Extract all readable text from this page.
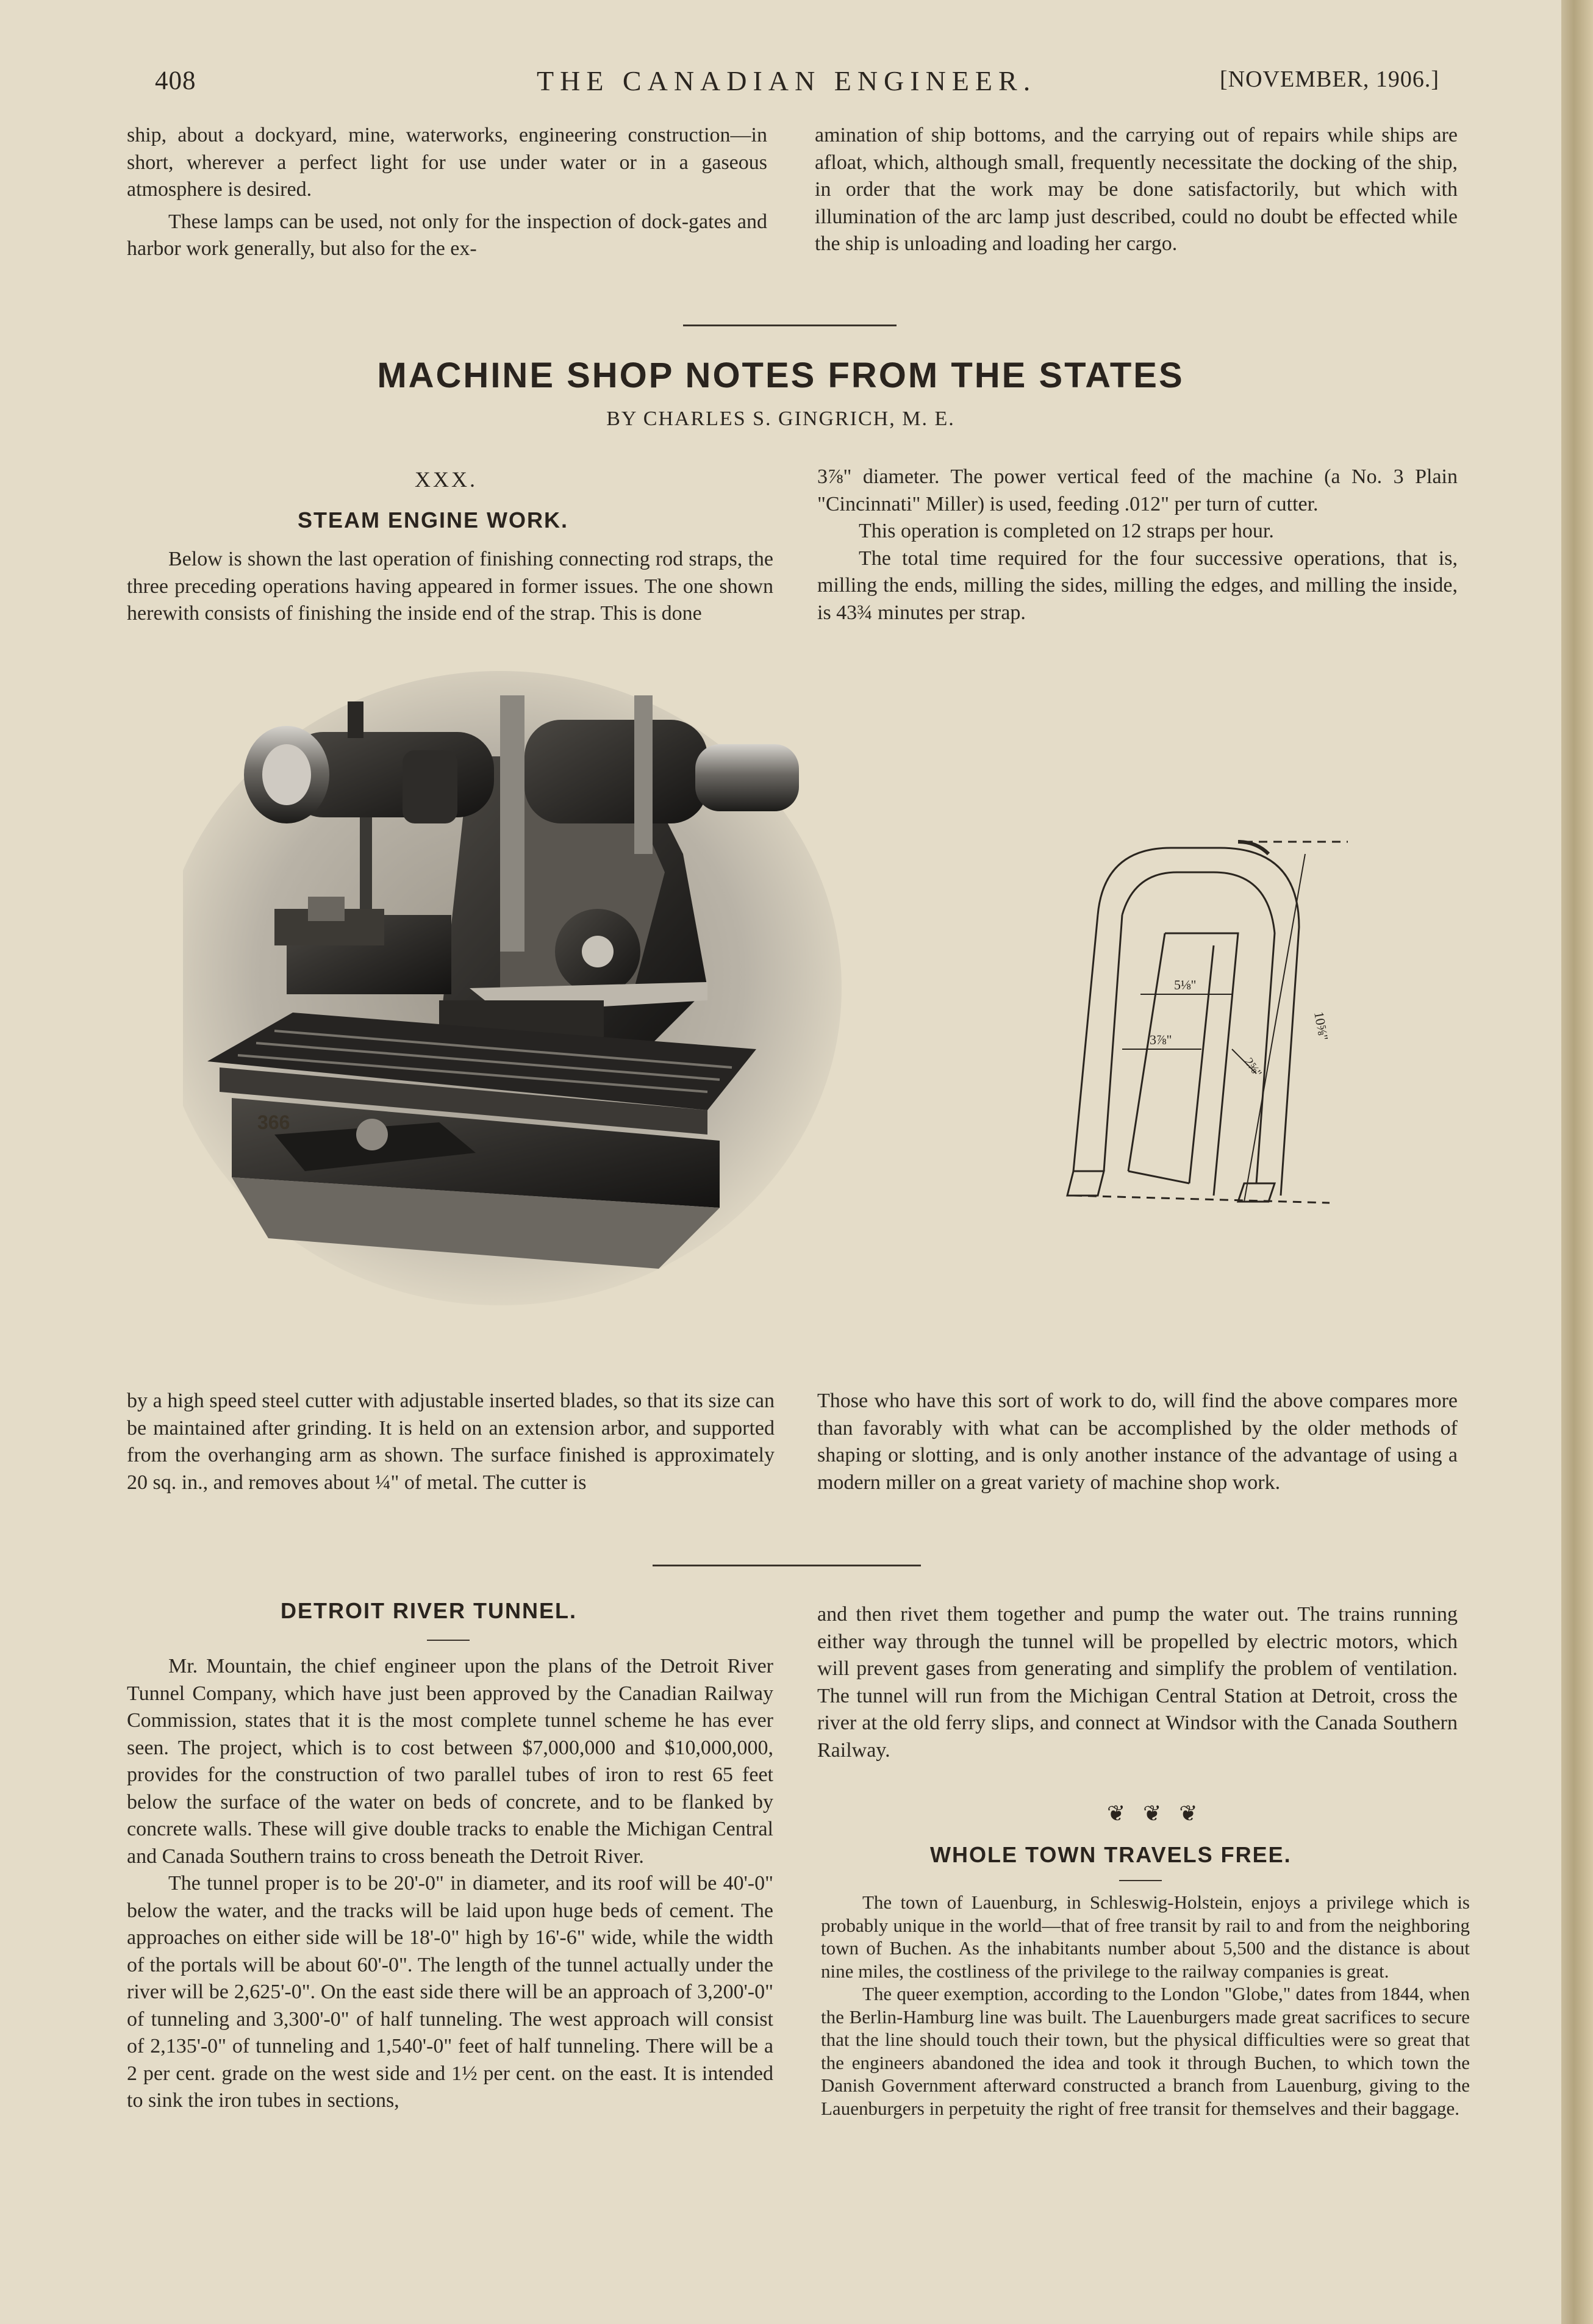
408	THE CANADIAN ENGINEER.	[NOVEMBER, 1906.]

ship, about a dockyard, mine, waterworks, engineering construction—in short, wherever a perfect light for use under water or in a gaseous atmosphere is desired.

These lamps can be used, not only for the inspection of dock-gates and harbor work generally, but also for the ex-

amination of ship bottoms, and the carrying out of repairs while ships are afloat, which, although small, frequently necessitate the docking of the ship, in order that the work may be done satisfactorily, but which with illumination of the arc lamp just described, could no doubt be effected while the ship is unloading and loading her cargo.

MACHINE SHOP NOTES FROM THE STATES
BY CHARLES S. GINGRICH, M. E.
XXX.
STEAM ENGINE WORK.

Below is shown the last operation of finishing connecting rod straps, the three preceding operations having appeared in former issues. The one shown herewith consists of finishing the inside end of the strap. This is done

3⅞" diameter. The power vertical feed of the machine (a No. 3 Plain "Cincinnati" Miller) is used, feeding .012" per turn of cutter.

This operation is completed on 12 straps per hour.

The total time required for the four successive operations, that is, milling the ends, milling the sides, milling the edges, and milling the inside, is 43¾ minutes per strap.

366
5⅛"
3⅞"	10⅝"
2⅝"

by a high speed steel cutter with adjustable inserted blades, so that its size can be maintained after grinding. It is held on an extension arbor, and supported from the overhanging arm as shown. The surface finished is approximately 20 sq. in., and removes about ¼" of metal. The cutter is

Those who have this sort of work to do, will find the above compares more than favorably with what can be accomplished by the older methods of shaping or slotting, and is only another instance of the advantage of using a modern miller on a great variety of machine shop work.

DETROIT RIVER TUNNEL.

Mr. Mountain, the chief engineer upon the plans of the Detroit River Tunnel Company, which have just been approved by the Canadian Railway Commission, states that it is the most complete tunnel scheme he has ever seen. The project, which is to cost between $7,000,000 and $10,000,000, provides for the construction of two parallel tubes of iron to rest 65 feet below the surface of the water on beds of concrete, and to be flanked by concrete walls. These will give double tracks to enable the Michigan Central and Canada Southern trains to cross beneath the Detroit River.

The tunnel proper is to be 20'-0" in diameter, and its roof will be 40'-0" below the water, and the tracks will be laid upon huge beds of cement. The approaches on either side will be 18'-0" high by 16'-6" wide, while the width of the portals will be about 60'-0". The length of the tunnel actually under the river will be 2,625'-0". On the east side there will be an approach of 3,200'-0" of tunneling and 3,300'-0" of half tunneling. The west approach will consist of 2,135'-0" of tunneling and 1,540'-0" feet of half tunneling. There will be a 2 per cent. grade on the west side and 1½ per cent. on the east. It is intended to sink the iron tubes in sections,

and then rivet them together and pump the water out. The trains running either way through the tunnel will be propelled by electric motors, which will prevent gases from generating and simplify the problem of ventilation. The tunnel will run from the Michigan Central Station at Detroit, cross the river at the old ferry slips, and connect at Windsor with the Canada Southern Railway.

❦ ❦ ❦
WHOLE TOWN TRAVELS FREE.

The town of Lauenburg, in Schleswig-Holstein, enjoys a privilege which is probably unique in the world—that of free transit by rail to and from the neighboring town of Buchen. As the inhabitants number about 5,500 and the distance is about nine miles, the costliness of the privilege to the railway companies is great.

The queer exemption, according to the London "Globe," dates from 1844, when the Berlin-Hamburg line was built. The Lauenburgers made great sacrifices to secure that the line should touch their town, but the physical difficulties were so great that the engineers abandoned the idea and took it through Buchen, to which town the Danish Government afterward constructed a branch from Lauenburg, giving to the Lauenburgers in perpetuity the right of free transit for themselves and their baggage.
